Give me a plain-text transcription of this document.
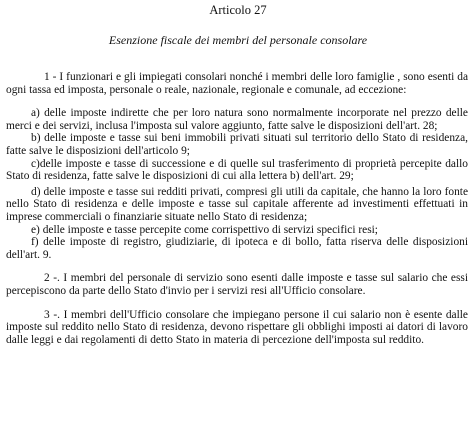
Articolo 27
Esenzione fiscale dei membri del personale consolare

1 - I funzionari e gli impiegati consolari nonché i membri delle loro famiglie , sono esenti da ogni tassa ed imposta, personale o reale, nazionale, regionale e comunale, ad eccezione:

a) delle imposte indirette che per loro natura sono normalmente incorporate nel prezzo delle merci e dei servizi, inclusa l'imposta sul valore aggiunto, fatte salve le disposizioni dell'art. 28;

b) delle imposte e tasse sui beni immobili privati situati sul territorio dello Stato di residenza, fatte salve le disposizioni dell'articolo 9;

c)delle imposte e tasse di successione e di quelle sul trasferimento di proprietà percepite dallo Stato di residenza, fatte salve le disposizioni di cui alla lettera b) dell'art. 29;

d) delle imposte e tasse sui redditi privati, compresi gli utili da capitale, che hanno la loro fonte nello Stato di residenza e delle imposte e tasse sul capitale afferente ad investimenti effettuati in imprese commerciali o finanziarie situate nello Stato di residenza;

e) delle imposte e tasse percepite come corrispettivo di servizi specifici resi;

f) delle imposte di registro, giudiziarie, di ipoteca e di bollo, fatta riserva delle disposizioni dell'art. 9.

2 -. I membri del personale di servizio sono esenti dalle imposte e tasse sul salario che essi percepiscono da parte dello Stato d'invio per i servizi resi all'Ufficio consolare.

3 -. I membri dell'Ufficio consolare che impiegano persone il cui salario non è esente dalle imposte sul reddito nello Stato di residenza, devono rispettare gli obblighi imposti ai datori di lavoro dalle leggi e dai regolamenti di detto Stato in materia di percezione dell'imposta sul reddito.
